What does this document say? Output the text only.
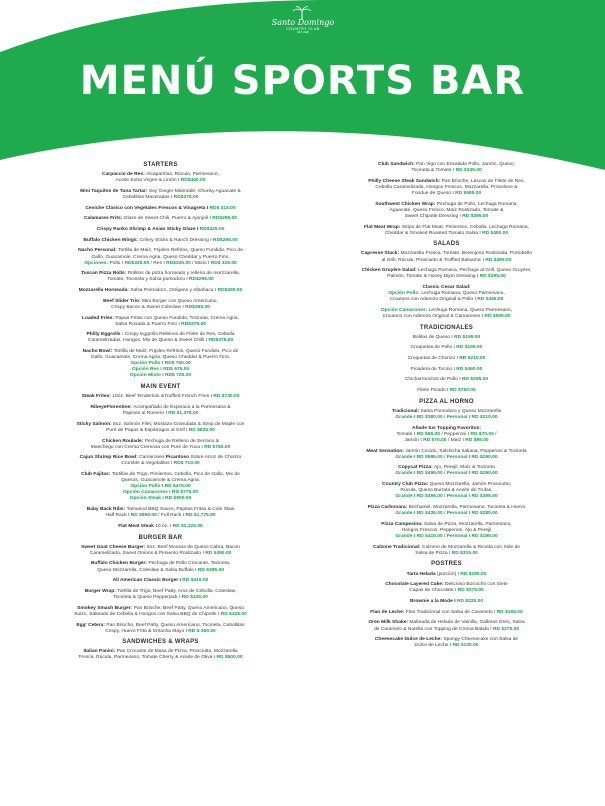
Santo Domingo
COUNTRY CLUB
EST. 1920
MENÚ SPORTS BAR
STARTERS
Carpaccio de Res: Alcaparritas, Rúcula, Parmesano,
Aceite Extra Virgen & Limón I RD$460.00
Mini Taquitos de Tuna Tartar: Soy Ginger Marinade, Chunky Aguacate &
Cebollitas Maceradas I RD$375.00
Ceviche Clásico con Vegetales Frescos & Vinagreta I RD$ 415.00
Calamares Frits: Glaze de Sweet Chili, Puerro & Ajonjolí I RD$295.00
Crispy Panko Shrimp & Asian Sticky Glaze I RD$425.00
Buffalo Chicken Wings: Celery Sticks & Ranch Dressing I RD$295.00
Nacho Personal: Tortilla de Maíz, Frijoles Refritos, Queso Fundido, Pico de
Gallo, Guacamole, Crema Agria, Queso Cheddar y Puerro Fino.
Opciones: Pollo I RD$325.00 / Res I RD$325.00 / Mixto I RD$ 325.00
Tuscan Pizza Rolls: Rollitos de pizza horneado y relleno de morzzarella,
Tomate, Tocineta y Salsa pomodoro I RD$295.00
Mozzarella Horneada: Salsa Pomodoro, Orégano y Albahaca I RD$260.00
Beef Slider Trio: Mini Burger con Queso Americano,
Crispy Bacon & Sweet Coleslaw I RD$365.00
Loaded Fries: Papas Fritas con Queso Fundido, Tocineta, Crema Agria,
Salsa Rosada & Puerro Fino I RD$375.00
Philly Eggrolls : Crispy Eggrolls Rellenos de Filete de Res, Cebolla
Caramelizadas, Hongos, Mix de Queso & Sweet Chilli I RD$375.00
Nacho Bowl: Tortilla de Maíz, Frijoles Refritos, Queso Fundido, Pico de
Gallo, Guacamole, Crema Agria, Queso Cheddar & Puerro Fino.
Opción Pollo I RD$ 750.00
Opción Res I RD$ 675.00
Opción Mixto I RD$ 725.00
MAIN EVENT
Steak Frites: 10oz. Beef Tenderloin &Truffled French Fries I RD $730.00
RibeyeFlorentine: Acompañado de Espinaca a la Parmesana &
Papines al Romero I RD $1,375.00
Sticky Salmón: 8oz. Salmón Filet, Mostaza Granulada & Sirop de Maple con
Puré de Papas & Espárragos al Grill I RD $825.00
Chicken Roulade: Pechuga de Relleno de Serrano &
Manchego con Crema Cremosa con Puré de Yuca I RD $760.00
Cajun Shrimp Rice Bowl: Camarones Picantoso Sobre Arroz de Chorizo
Crumble & Vegetalitos I RD$ 710.00
Club Fajitas: Tortillas de Trigo, Pimientos, Cebolla, Pico de Gallo, Mix de
Quesos, Guacamole & Crema Agria.
Opción Pollo I RD $475.00
Opción Camarones I RD $775.00
Opción Steak I RD $900.00
Baby Back Ribs: Tamarind BBQ Sauce, Papitas Fritas & Cole Slaw
Half Rack I RD $850.00 / Full Rack I RD $1,775.00
Flat Meat Steak 10 oz. I RD $1,325.00
BURGER BAR
Sweet Goat Cheese Burger: 8oz. Beef Mousse de Queso Cabra, Bacon
Caramelizado, Sweet Onions & Pimiento Rostizado I RD $490.00
Buffalo Chicken Burger: Pechuga de Pollo Crocante, Tocineta,
Queso Mozzarella, Coleslaw & Salsa Buffalo I RD $395.00
All American Classic Burger I RD $415.00
Burger Wrap: Tortilla de Trigo, Beef Patty, Aros de Cebolla, Coleslaw,
Tocineta & Queso Pepperjack I RD $425.00
Smokey Smash Burger: Pan Brioche, Beef Patty, Queso Americano, Queso
Suizo, Salteado de Cebolla & Hongos con Salsa BBQ de Chipotle I RD $425.00
Egg' Cetera: Pan Brioche, Beef Patty, Queso Americano, Tocineta, Cebollitas
Crispy, Huevo Frito & Sriracha Mayo I RD $ 360.00
SANDWICHES & WRAPS
Italian Panini: Pan Crocante de Masa de Pizza, Prosciutto, Mozzarella
Fresca, Rúcula, Parmesano, Tomate Cherry & Aceite de Oliva I RD $500.00
Club Sandwich: Pan Vigo con Ensalada Pollo, Jamón, Queso,
Tocineta & Tomate I RD $345.00
Philly Cheese Steak Sandwich: Pan Brioche, Lascas de Filete de Res,
Cebolla Caramelizada, Hongos Frescos, Mozzarella, Provolone &
Fondue de Queso I RD $585.00
Southwest Chicken Wrap: Pechuga de Pollo, Lechuga Romana,
Aguacate, Queso Fresco, Maíz Rostizado, Tomate &
Sweet Chipotle Dressing I RD $395.00
Flat Meat Wrap: Strips de Flat Meat, Pimientos, Cebolla, Lechuga Romana,
Cheddar & Smoked Roasted Tomato Salsa I RD $450.00
SALADS
Capresse Stack: Mozzarella Fresca, Tomate, Berenjena Rostizada, Portobello
al Grill, Rúcula, Prosciutto & Truffled Balsamic I RD $395.00
Chicken Gruyère Salad: Lechuga Romana, Pechuga al Grill, Queso Gruyère,
Palmito, Tomate & Honey Dijon Dressing I RD $395.00
Classic Cesar Salad:
Opción Pollo: Lechuga Romana, Queso Parmesano,
Croutons con Aderezo Original & Pollo I RD $445.00
Opción Camarones: Lechuga Romana, Queso Parmesano,
Croutons con Aderezo Original & Camarones I RD $595.00
TRADICIONALES
Bolitas de Queso I RD $195.00
Croquetas de Pollo I RD $195.00
Croquetas de Chorizo I RD $210.00
Picadera de Tocino I RD $490.00
Chicharroncitos de Pollo I RD $295.00
Filete Picado I RD $750.00
PIZZA AL HORNO
Tradicional: Salsa Pomodoro y Queso Mozzarella
Grande I RD $380.00 / Personal I RD $210.00
Añade tus Topping Favoritos:
Tomate I RD $65.00 / Pepperoni I RD $70.00 /
Jamón I RD $70.00 / Maíz I RD $95.00
Meat Sensation: Jamón Cocido, Salchicha Italiana, Pepperoni & Tocineta
Grande I RD $595.00 / Personal I RD $290.00
Copycat Pizza: Ajo, Perejil, Maíz & Tocineta
Grande I RD $495.00 / Personal I RD $290.00
Country Club Pizza: Queso Mozzarella, Jamón Prosciutto,
Rúcula, Queso Burrata & Aceite de Trufas.
Grande I RD $495.00 / Personal I RD $395.00
Pizza Carbonara: Bechamel, Mozzarella, Parmesano, Tocineta & Huevo
Grande I RD $435.00 / Personal I RD $280.00
Pizza Campesina: Salsa de Pizza, Mozzarella, Parmesano,
Hongos Frescos, Pepperoni, Ajo & Perejil
Grande I RD $410.00 / Personal I RD $195.00
Calzone Tradicional: Calzone de Mozzarella & Ricotta con Side de
Salsa de Pizza I RD $315.00
POSTRES
Tarta Helada (porción) I RD $185.00
Chocolate Layered Cake: Delicioso Bizcocho con Siete
Capas de Chocolate I RD $375.00
Brownie a la Mode I RD $225.00
Flan de Leche: Flan Tradicional con Salsa de Caramelo I RD $165.00
Oreo Milk Shake: Malteada de Helado de Vainilla, Galletas Oreo, Salsa
de Caramelo & Nutella con Topping de Crema Batida I RD $275.00
Cheesecake Dulce de Leche: Spongy Cheesecake con Salsa de
Dulce de Leche I RD $130.00
